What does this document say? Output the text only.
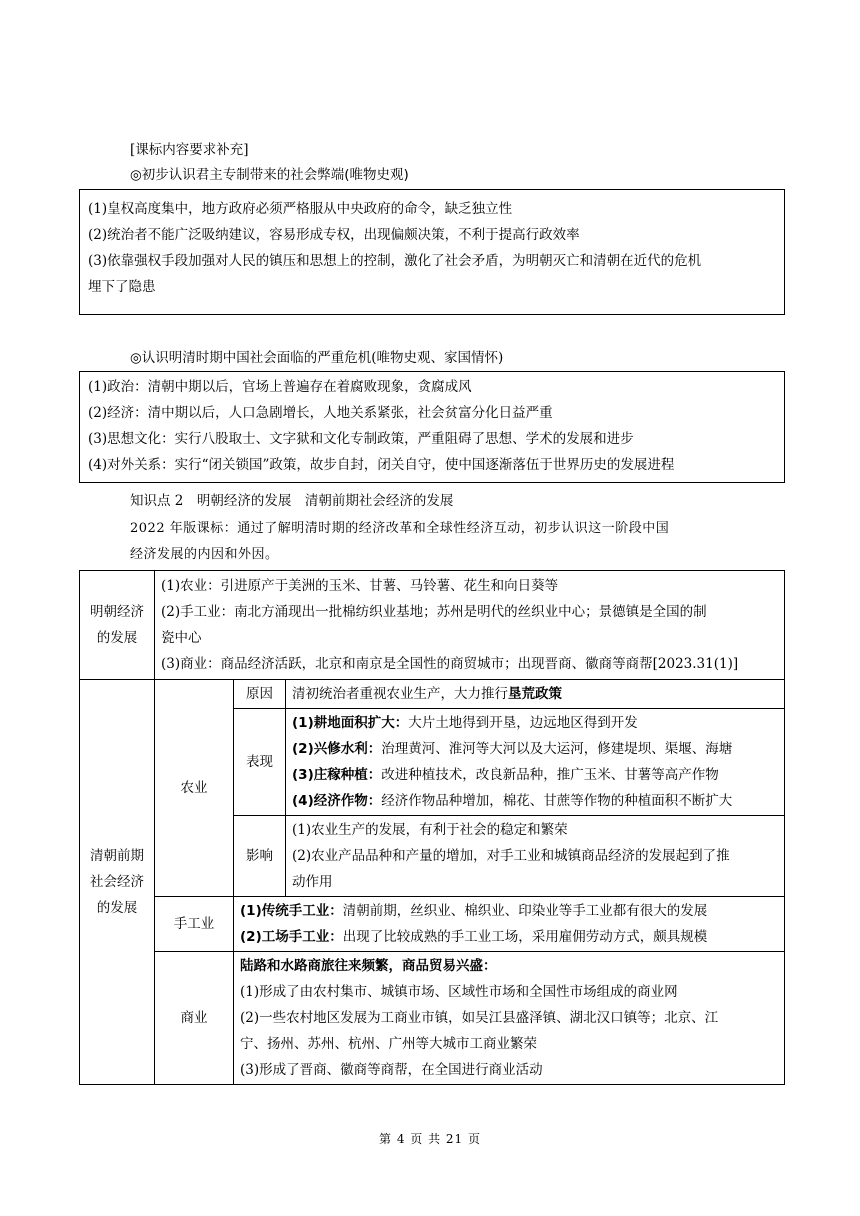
[课标内容要求补充]
◎初步认识君主专制带来的社会弊端(唯物史观)
(1)皇权高度集中，地方政府必须严格服从中央政府的命令，缺乏独立性
(2)统治者不能广泛吸纳建议，容易形成专权，出现偏颇决策，不利于提高行政效率
(3)依靠强权手段加强对人民的镇压和思想上的控制，激化了社会矛盾，为明朝灭亡和清朝在近代的危机
埋下了隐患
◎认识明清时期中国社会面临的严重危机(唯物史观、家国情怀)
(1)政治：清朝中期以后，官场上普遍存在着腐败现象，贪腐成风
(2)经济：清中期以后，人口急剧增长，人地关系紧张，社会贫富分化日益严重
(3)思想文化：实行八股取士、文字狱和文化专制政策，严重阻碍了思想、学术的发展和进步
(4)对外关系：实行“闭关锁国”政策，故步自封，闭关自守，使中国逐渐落伍于世界历史的发展进程
知识点 2　明朝经济的发展　清朝前期社会经济的发展
2022 年版课标：通过了解明清时期的经济改革和全球性经济互动，初步认识这一阶段中国
经济发展的内因和外因。
明朝经济
的发展	(1)农业：引进原产于美洲的玉米、甘薯、马铃薯、花生和向日葵等
(2)手工业：南北方涌现出一批棉纺织业基地；苏州是明代的丝织业中心；景德镇是全国的制
瓷中心
(3)商业：商品经济活跃，北京和南京是全国性的商贸城市；出现晋商、徽商等商帮[2023.31(1)]		

清朝前期
社会经济
的发展	农业	原因	清初统治者重视农业生产，大力推行垦荒政策
		表现	(1)耕地面积扩大：大片土地得到开垦，边远地区得到开发
(2)兴修水利：治理黄河、淮河等大河以及大运河，修建堤坝、渠堰、海塘
(3)庄稼种植：改进种植技术，改良新品种，推广玉米、甘薯等高产作物
(4)经济作物：经济作物品种增加，棉花、甘蔗等作物的种植面积不断扩大

		影响	(1)农业生产的发展，有利于社会的稳定和繁荣
(2)农业产品品种和产量的增加，对手工业和城镇商品经济的发展起到了推
动作用

	手工业	(1)传统手工业：清朝前期，丝织业、棉织业、印染业等手工业都有很大的发展
(2)工场手工业：出现了比较成熟的手工业工场，采用雇佣劳动方式，颇具规模	

	商业	陆路和水路商旅往来频繁，商品贸易兴盛：
(1)形成了由农村集市、城镇市场、区域性市场和全国性市场组成的商业网
(2)一些农村地区发展为工商业市镇，如吴江县盛泽镇、湖北汉口镇等；北京、江
宁、扬州、苏州、杭州、广州等大城市工商业繁荣
(3)形成了晋商、徽商等商帮，在全国进行商业活动	
第 4 页 共 21 页
